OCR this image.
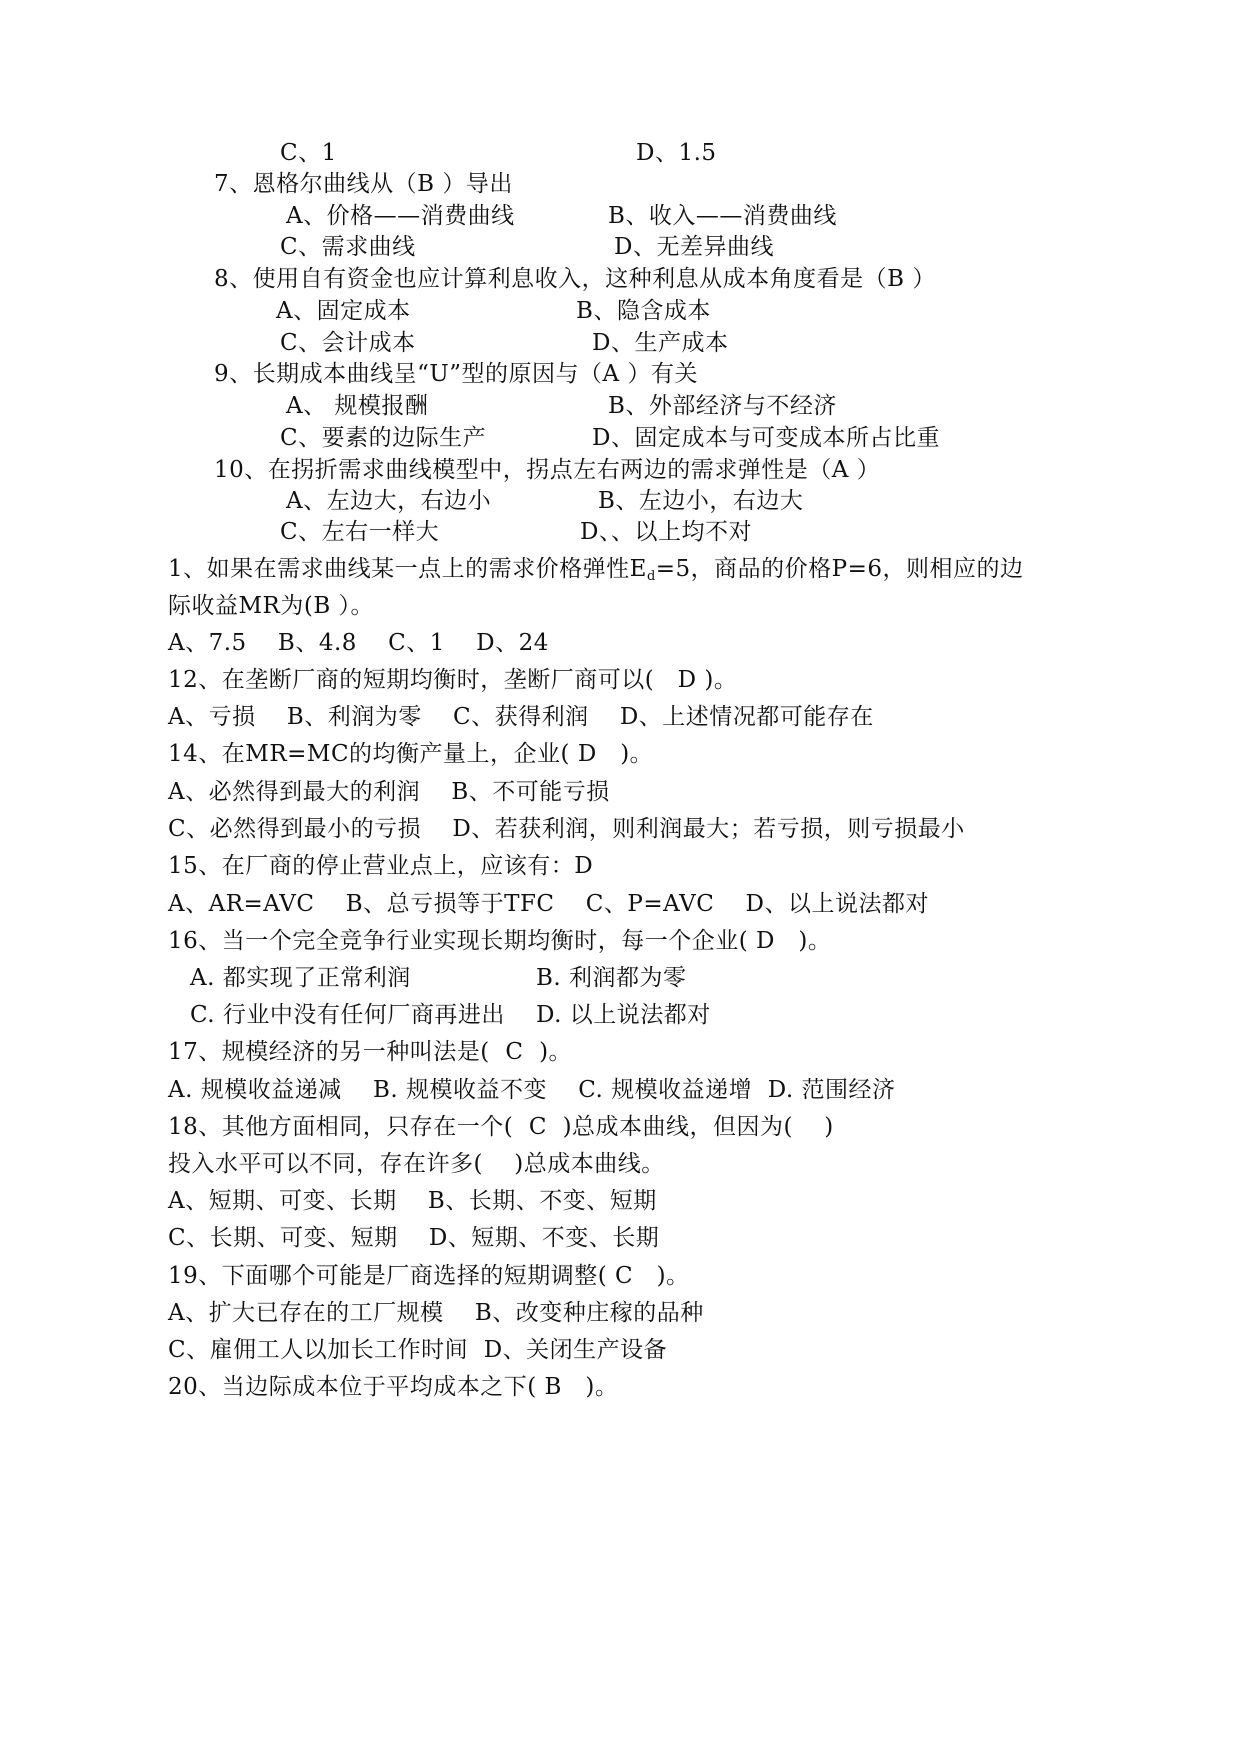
C、1	D、1.5
7、恩格尔曲线从（B ）导出
A、价格——消费曲线	B、收入——消费曲线
C、需求曲线	D、无差异曲线
8、使用自有资金也应计算利息收入，这种利息从成本角度看是（B ）
A、固定成本	B、隐含成本
C、会计成本	D、生产成本
9、长期成本曲线呈“U”型的原因与（A ）有关
A、 规模报酬	B、外部经济与不经济
C、要素的边际生产	D、固定成本与可变成本所占比重
10、在拐折需求曲线模型中，拐点左右两边的需求弹性是（A ）
A、左边大，右边小	B、左边小，右边大
C、左右一样大	D、、以上均不对
1、如果在需求曲线某一点上的需求价格弹性$E_d=5$，商品的价格P=6，则相应的边
际收益MR为(B ）。
A、7.5    B、4.8    C、1    D、24
12、在垄断厂商的短期均衡时，垄断厂商可以(   D )。
A、亏损    B、利润为零    C、获得利润    D、上述情况都可能存在
14、在MR=MC的均衡产量上，企业( D   )。
A、必然得到最大的利润    B、不可能亏损
C、必然得到最小的亏损    D、若获利润，则利润最大；若亏损，则亏损最小
15、在厂商的停止营业点上，应该有：D
A、AR=AVC    B、总亏损等于TFC    C、P=AVC    D、以上说法都对
16、当一个完全竞争行业实现长期均衡时，每一个企业( D   )。
A. 都实现了正常利润	B. 利润都为零
C. 行业中没有任何厂商再进出 D. 以上说法都对
17、规模经济的另一种叫法是(  C  )。
A. 规模收益递减    B. 规模收益不变    C. 规模收益递增  D. 范围经济
18、其他方面相同，只存在一个(  C  )总成本曲线，但因为(    )
投入水平可以不同，存在许多(    )总成本曲线。
A、短期、可变、长期    B、长期、不变、短期
C、长期、可变、短期    D、短期、不变、长期
19、下面哪个可能是厂商选择的短期调整( C   )。
A、扩大已存在的工厂规模    B、改变种庄稼的品种
C、雇佣工人以加长工作时间  D、关闭生产设备
20、当边际成本位于平均成本之下( B   )。
